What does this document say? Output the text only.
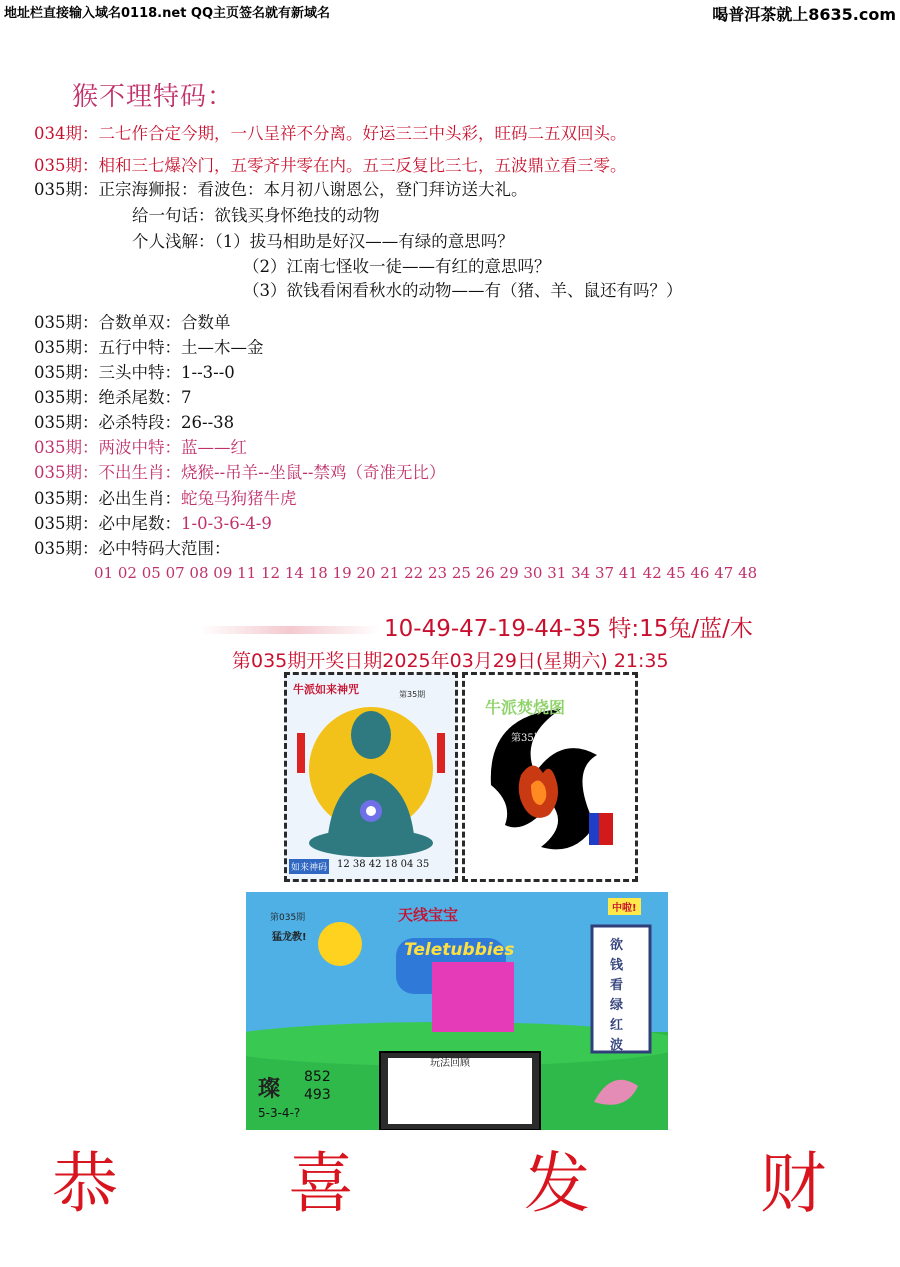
地址栏直接输入域名0118.net QQ主页签名就有新域名	喝普洱茶就上8635.com
猴不理特码：
034期：二七作合定今期，一八呈祥不分离。好运三三中头彩，旺码二五双回头。
035期：相和三七爆冷门，五零齐井零在内。五三反复比三七，五波鼎立看三零。
035期：正宗海狮报：看波色：本月初八谢恩公，登门拜访送大礼。
给一句话：欲钱买身怀绝技的动物
个人浅解：（1）拔马相助是好汉——有绿的意思吗？
（2）江南七怪收一徒——有红的意思吗？
（3）欲钱看闲看秋水的动物——有（猪、羊、鼠还有吗？）
035期：合数单双：合数单
035期：五行中特：土—木—金
035期：三头中特：1--3--0
035期：绝杀尾数：7
035期：必杀特段：26--38
035期：两波中特：蓝——红
035期：不出生肖：烧猴--吊羊--坐鼠--禁鸡（奇准无比）
035期：必出生肖：蛇兔马狗猪牛虎
035期：必中尾数：1-0-3-6-4-9
035期：必中特码大范围：
01 02 05 07 08 09 11 12 14 18 19 20 21 22 23 25 26 29 30 31 34 37 41 42 45 46 47 48
10-49-47-19-44-35 特:15兔/蓝/木
第035期开奖日期2025年03月29日(星期六) 21:35
牛派如来神咒	第35期
如来神码 12 38 42 18 04 35
牛派焚烧图
第35期
第035期	天线宝宝
Teletubbies
中啦!
欲钱看绿红波
猛龙教!
璨 852
493
5-3-4-?
玩法回顾
恭	喜	发	财
